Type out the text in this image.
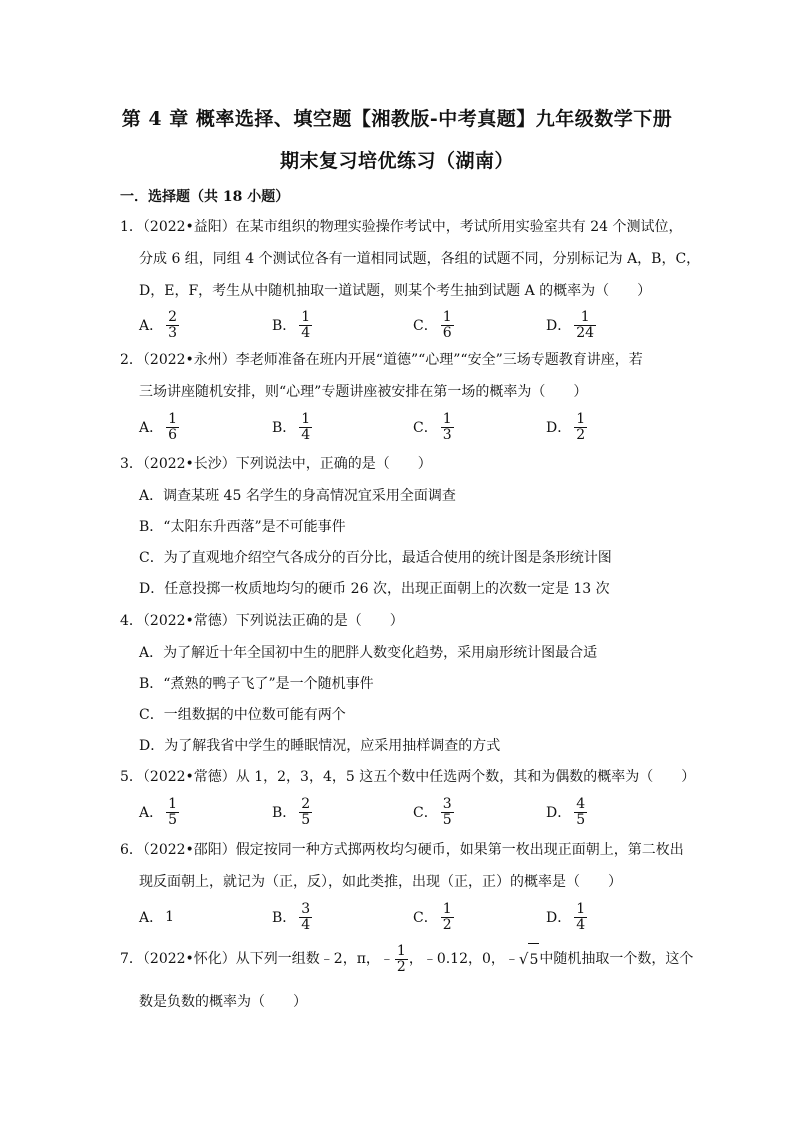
第 4 章 概率选择、填空题【湘教版-中考真题】九年级数学下册
期末复习培优练习（湖南）
一．选择题（共 18 小题）
1．（2022•益阳）在某市组织的物理实验操作考试中，考试所用实验室共有 24 个测试位，
分成 6 组，同组 4 个测试位各有一道相同试题，各组的试题不同，分别标记为 A，B，C，
D，E，F，考生从中随机抽取一道试题，则某个考生抽到试题 A 的概率为（　　）
A． $\frac{2}{3}$	B． $\frac{1}{4}$	C． $\frac{1}{6}$	D． $\frac{1}{24}$
2．（2022•永州）李老师准备在班内开展“道德”“心理”“安全”三场专题教育讲座，若
三场讲座随机安排，则“心理”专题讲座被安排在第一场的概率为（　　）
A． $\frac{1}{6}$	B． $\frac{1}{4}$	C． $\frac{1}{3}$	D． $\frac{1}{2}$
3．（2022•长沙）下列说法中，正确的是（　　）
A．调查某班 45 名学生的身高情况宜采用全面调查
B．“太阳东升西落”是不可能事件
C．为了直观地介绍空气各成分的百分比，最适合使用的统计图是条形统计图
D．任意投掷一枚质地均匀的硬币 26 次，出现正面朝上的次数一定是 13 次
4．（2022•常德）下列说法正确的是（　　）
A．为了解近十年全国初中生的肥胖人数变化趋势，采用扇形统计图最合适
B．“煮熟的鸭子飞了”是一个随机事件
C．一组数据的中位数可能有两个
D．为了解我省中学生的睡眠情况，应采用抽样调查的方式
5．（2022•常德）从 1，2，3，4，5 这五个数中任选两个数，其和为偶数的概率为（　　）
A． $\frac{1}{5}$	B． $\frac{2}{5}$	C． $\frac{3}{5}$	D． $\frac{4}{5}$
6．（2022•邵阳）假定按同一种方式掷两枚均匀硬币，如果第一枚出现正面朝上，第二枚出
现反面朝上，就记为（正，反），如此类推，出现（正，正）的概率是（　　）
A． 1	B． $\frac{3}{4}$	C． $\frac{1}{2}$	D． $\frac{1}{4}$
7．（2022•怀化）从下列一组数﹣2，π，﹣ $\frac{1}{2}$ ，﹣0.12，0，﹣ √ 5 中随机抽取一个数，这个
数是负数的概率为（　　）
